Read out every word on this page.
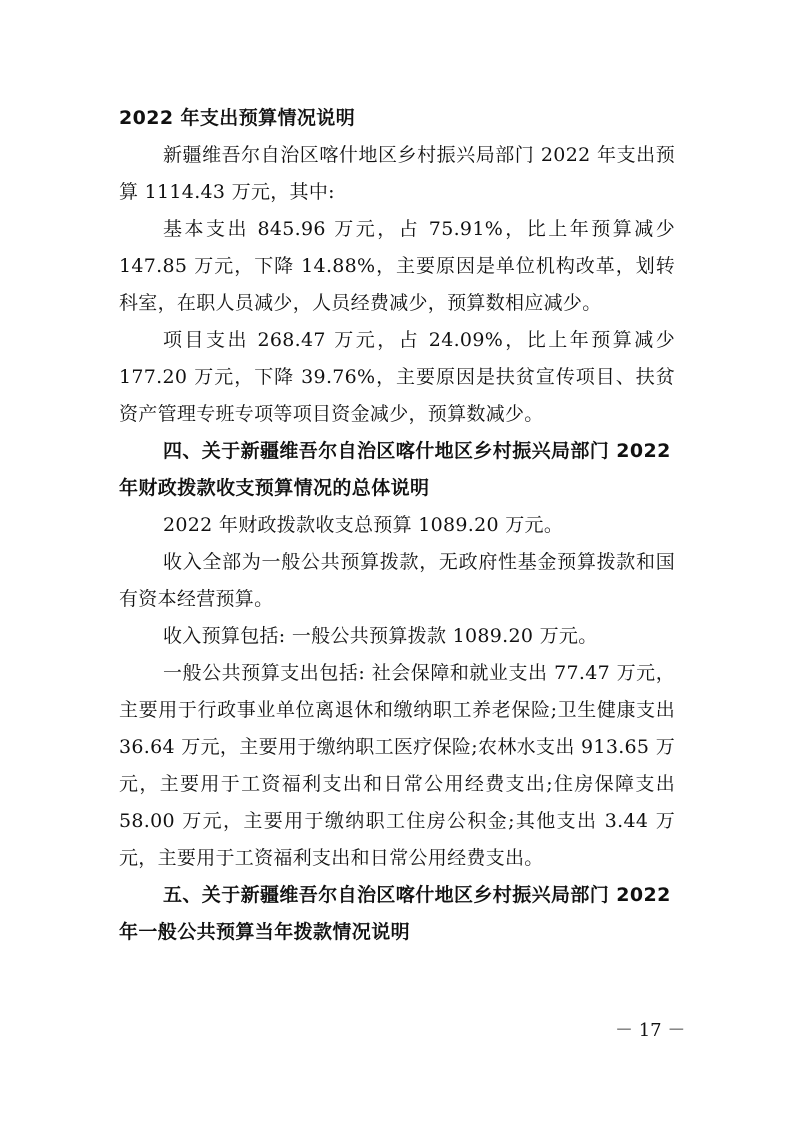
2022 年支出预算情况说明

新疆维吾尔自治区喀什地区乡村振兴局部门 2022 年支出预算 1114.43 万元，其中:

基本支出 845.96 万元，占 75.91%，比上年预算减少 147.85 万元，下降 14.88%，主要原因是单位机构改革，划转科室，在职人员减少，人员经费减少，预算数相应减少。

项目支出 268.47 万元，占 24.09%，比上年预算减少 177.20 万元，下降 39.76%，主要原因是扶贫宣传项目、扶贫资产管理专班专项等项目资金减少，预算数减少。

四、关于新疆维吾尔自治区喀什地区乡村振兴局部门 2022 年财政拨款收支预算情况的总体说明

2022 年财政拨款收支总预算 1089.20 万元。

收入全部为一般公共预算拨款，无政府性基金预算拨款和国有资本经营预算。

收入预算包括: 一般公共预算拨款 1089.20 万元。

一般公共预算支出包括: 社会保障和就业支出 77.47 万元，主要用于行政事业单位离退休和缴纳职工养老保险;卫生健康支出 36.64 万元，主要用于缴纳职工医疗保险;农林水支出 913.65 万元，主要用于工资福利支出和日常公用经费支出;住房保障支出 58.00 万元，主要用于缴纳职工住房公积金;其他支出 3.44 万元，主要用于工资福利支出和日常公用经费支出。

五、关于新疆维吾尔自治区喀什地区乡村振兴局部门 2022 年一般公共预算当年拨款情况说明

－ 17 －
